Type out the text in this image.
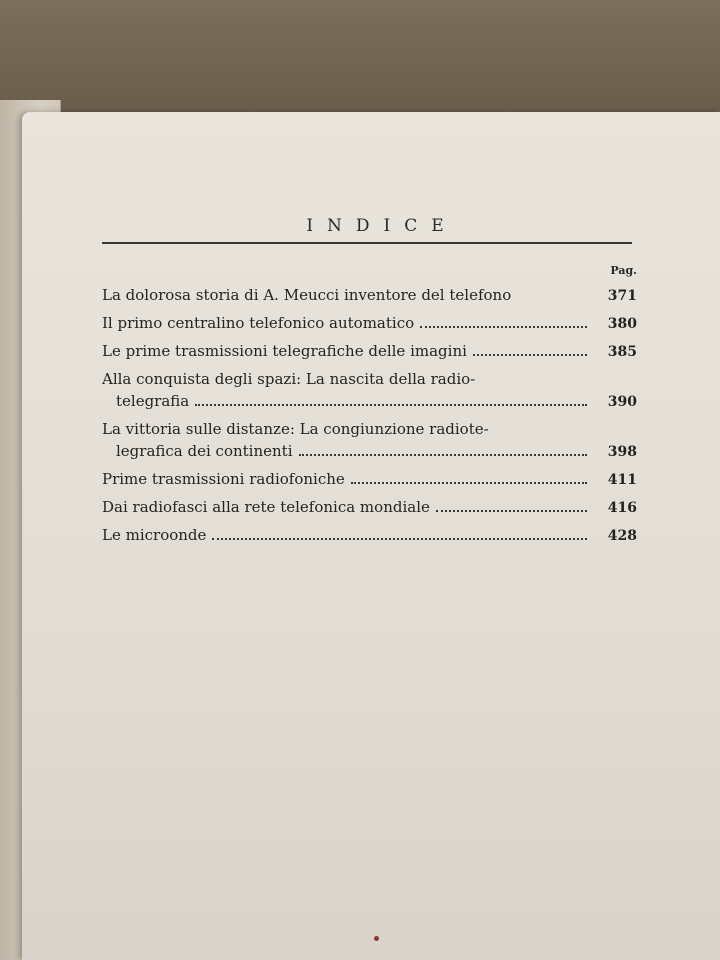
INDICE
Pag.
La dolorosa storia di A. Meucci inventore del telefono	371
Il primo centralino telefonico automatico	380
Le prime trasmissioni telegrafiche delle imagini	385
Alla conquista degli spazi: La nascita della radio-
telegrafia	390
La vittoria sulle distanze: La congiunzione radiote-
legrafica dei continenti	398
Prime trasmissioni radiofoniche	411
Dai radiofasci alla rete telefonica mondiale	416
Le microonde	428
